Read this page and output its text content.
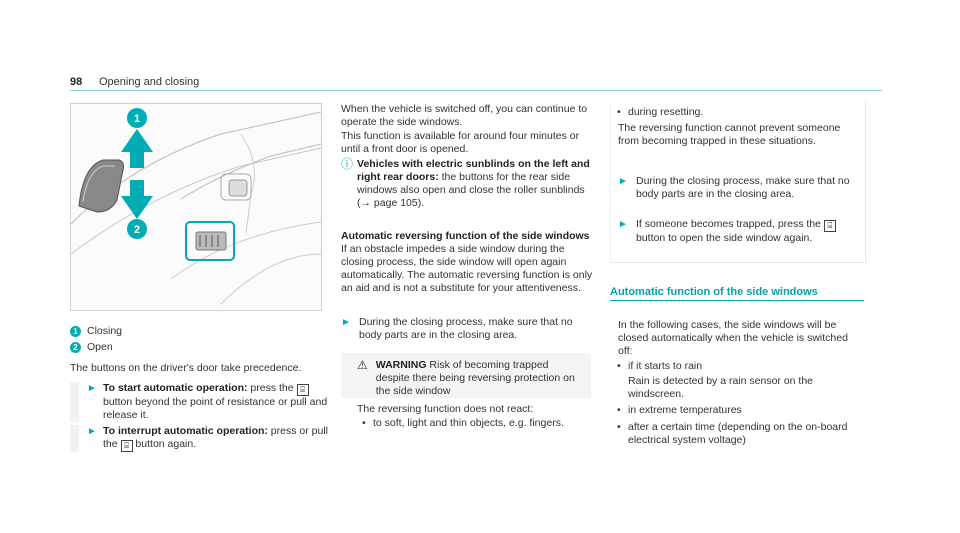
98 Opening and closing
1
2
1 Closing
2 Open
The buttons on the driver's door take precedence.
► To start automatic operation: press the ⌸ button beyond the point of resistance or pull and release it.

► To interrupt automatic operation: press or pull the ⌸ button again.

When the vehicle is switched off, you can continue to operate the side windows.

This function is available for around four minutes or until a front door is opened.

ⓘ Vehicles with electric sunblinds on the left and right rear doors: the buttons for the rear side windows also open and close the roller sunblinds (→ page 105).

Automatic reversing function of the side windows

If an obstacle impedes a side window during the closing process, the side window will open again automatically. The automatic reversing function is only an aid and is not a substitute for your attentiveness.

► During the closing process, make sure that no body parts are in the closing area.

⚠ WARNING Risk of becoming trapped despite there being reversing protection on the side window

The reversing function does not react:

• to soft, light and thin objects, e.g. fingers.

• during resetting.

The reversing function cannot prevent someone from becoming trapped in these situations.

► During the closing process, make sure that no body parts are in the closing area.

► If someone becomes trapped, press the ⌸ button to open the side window again.

Automatic function of the side windows

In the following cases, the side windows will be closed automatically when the vehicle is switched off:

• if it starts to rain

Rain is detected by a rain sensor on the windscreen.

• in extreme temperatures

• after a certain time (depending on the on-board electrical system voltage)
